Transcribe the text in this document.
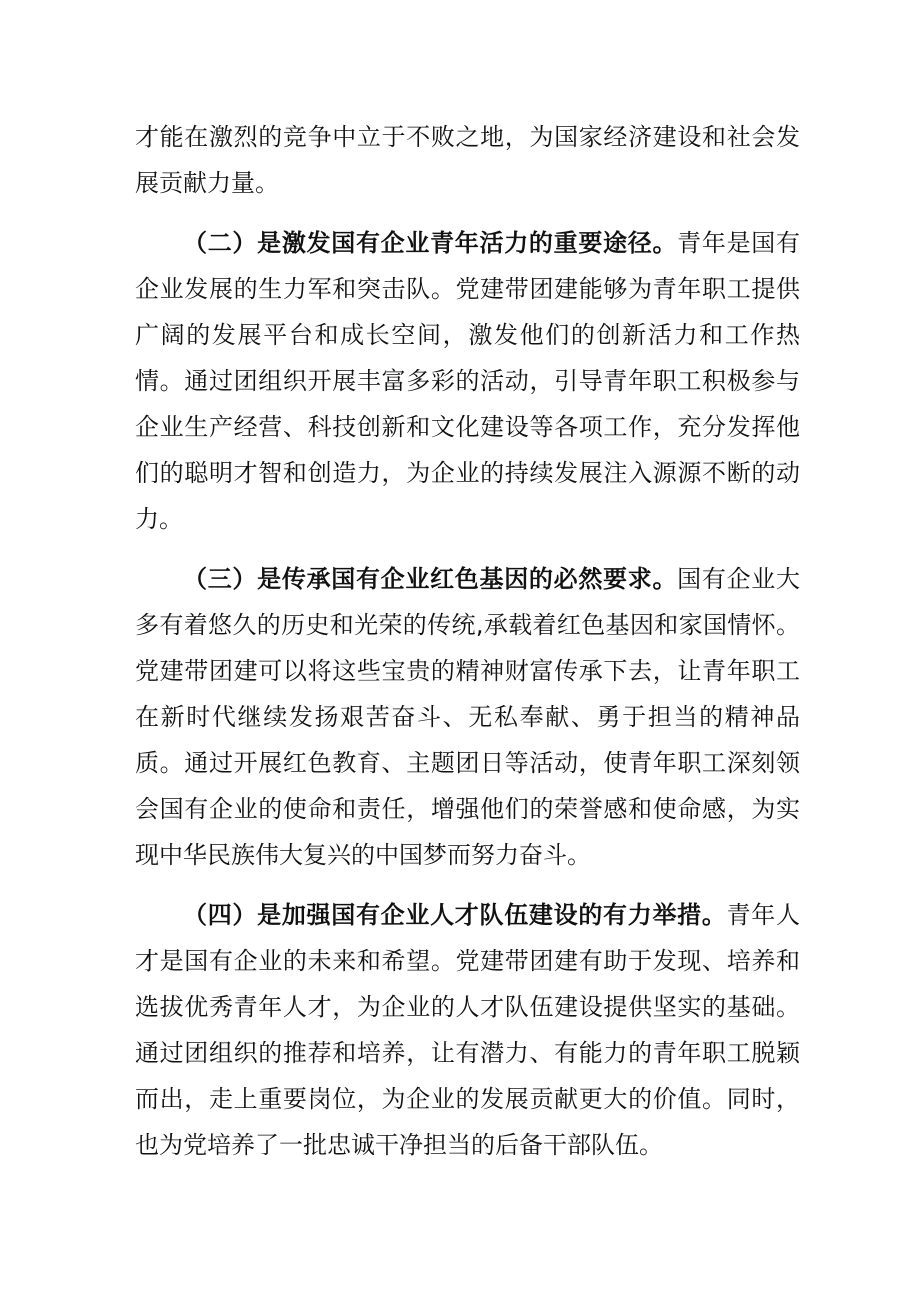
才能在激烈的竞争中立于不败之地，为国家经济建设和社会发展贡献力量。

（二）是激发国有企业青年活力的重要途径。青年是国有企业发展的生力军和突击队。党建带团建能够为青年职工提供广阔的发展平台和成长空间，激发他们的创新活力和工作热情。通过团组织开展丰富多彩的活动，引导青年职工积极参与企业生产经营、科技创新和文化建设等各项工作，充分发挥他们的聪明才智和创造力，为企业的持续发展注入源源不断的动力。

（三）是传承国有企业红色基因的必然要求。国有企业大多有着悠久的历史和光荣的传统,承载着红色基因和家国情怀。党建带团建可以将这些宝贵的精神财富传承下去，让青年职工在新时代继续发扬艰苦奋斗、无私奉献、勇于担当的精神品质。通过开展红色教育、主题团日等活动，使青年职工深刻领会国有企业的使命和责任，增强他们的荣誉感和使命感，为实现中华民族伟大复兴的中国梦而努力奋斗。

（四）是加强国有企业人才队伍建设的有力举措。青年人才是国有企业的未来和希望。党建带团建有助于发现、培养和选拔优秀青年人才，为企业的人才队伍建设提供坚实的基础。通过团组织的推荐和培养，让有潜力、有能力的青年职工脱颖而出，走上重要岗位，为企业的发展贡献更大的价值。同时，也为党培养了一批忠诚干净担当的后备干部队伍。
